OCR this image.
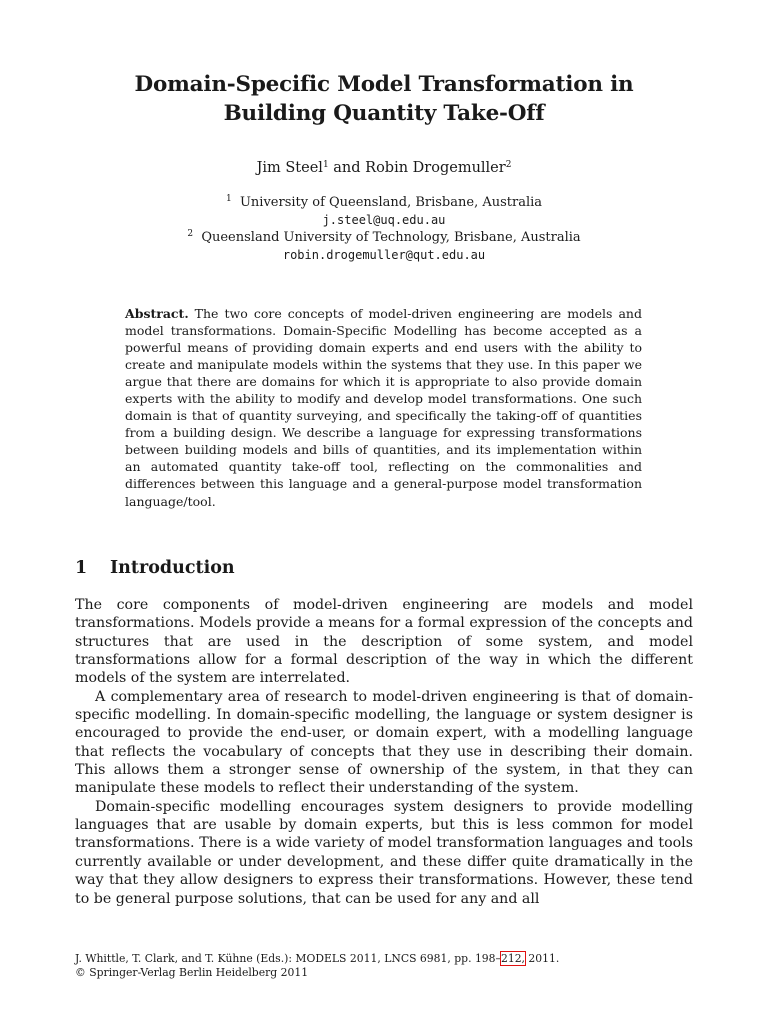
Domain-Specific Model Transformation in
Building Quantity Take-Off
Jim Steel$^1$ and Robin Drogemuller$^2$
$^1$ University of Queensland, Brisbane, Australia
j.steel@uq.edu.au
$^2$ Queensland University of Technology, Brisbane, Australia
robin.drogemuller@qut.edu.au
Abstract. The two core concepts of model-driven engineering are models and model transformations. Domain-Specific Modelling has become accepted as a powerful means of providing domain experts and end users with the ability to create and manipulate models within the systems that they use. In this paper we argue that there are domains for which it is appropriate to also provide domain experts with the ability to modify and develop model transformations. One such domain is that of quantity surveying, and specifically the taking-off of quantities from a building design. We describe a language for expressing transformations between building models and bills of quantities, and its implementation within an automated quantity take-off tool, reflecting on the commonalities and differences between this language and a general-purpose model transformation language/tool.
1 Introduction

The core components of model-driven engineering are models and model transformations. Models provide a means for a formal expression of the concepts and structures that are used in the description of some system, and model transformations allow for a formal description of the way in which the different models of the system are interrelated.

A complementary area of research to model-driven engineering is that of domain-specific modelling. In domain-specific modelling, the language or system designer is encouraged to provide the end-user, or domain expert, with a modelling language that reflects the vocabulary of concepts that they use in describing their domain. This allows them a stronger sense of ownership of the system, in that they can manipulate these models to reflect their understanding of the system.

Domain-specific modelling encourages system designers to provide modelling languages that are usable by domain experts, but this is less common for model transformations. There is a wide variety of model transformation languages and tools currently available or under development, and these differ quite dramatically in the way that they allow designers to express their transformations. However, these tend to be general purpose solutions, that can be used for any and all

J. Whittle, T. Clark, and T. Kühne (Eds.): MODELS 2011, LNCS 6981, pp. 198–212, 2011.
© Springer-Verlag Berlin Heidelberg 2011
